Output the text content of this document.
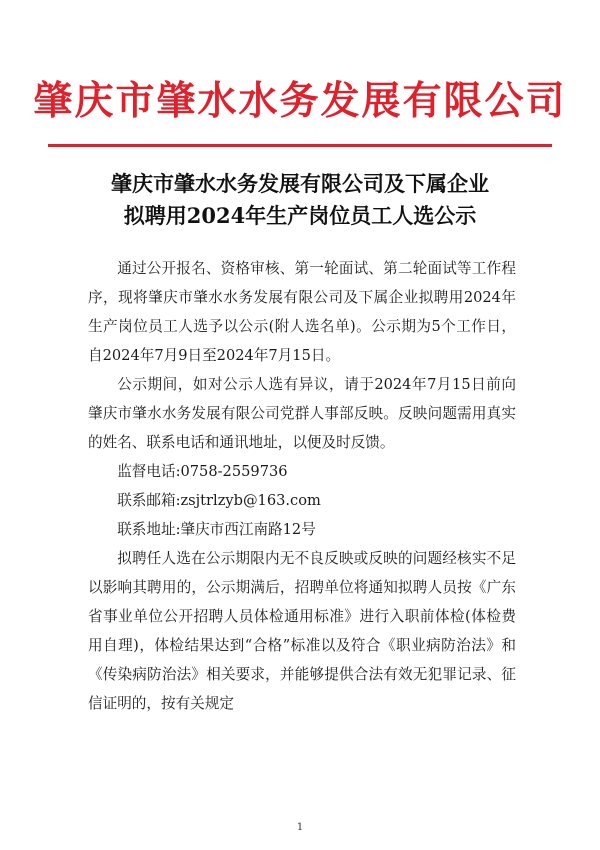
肇庆市肇水水务发展有限公司
肇庆市肇水水务发展有限公司及下属企业
拟聘用2024年生产岗位员工人选公示

通过公开报名、资格审核、第一轮面试、第二轮面试等工作程序，现将肇庆市肇水水务发展有限公司及下属企业拟聘用2024年生产岗位员工人选予以公示(附人选名单)。公示期为5个工作日，自2024年7月9日至2024年7月15日。

公示期间，如对公示人选有异议，请于2024年7月15日前向肇庆市肇水水务发展有限公司党群人事部反映。反映问题需用真实的姓名、联系电话和通讯地址，以便及时反馈。

监督电话:0758-2559736

联系邮箱:zsjtrlzyb@163.com

联系地址:肇庆市西江南路12号

拟聘任人选在公示期限内无不良反映或反映的问题经核实不足以影响其聘用的，公示期满后，招聘单位将通知拟聘人员按《广东省事业单位公开招聘人员体检通用标准》进行入职前体检(体检费用自理)，体检结果达到“合格”标准以及符合《职业病防治法》和《传染病防治法》相关要求，并能够提供合法有效无犯罪记录、征信证明的，按有关规定

1
